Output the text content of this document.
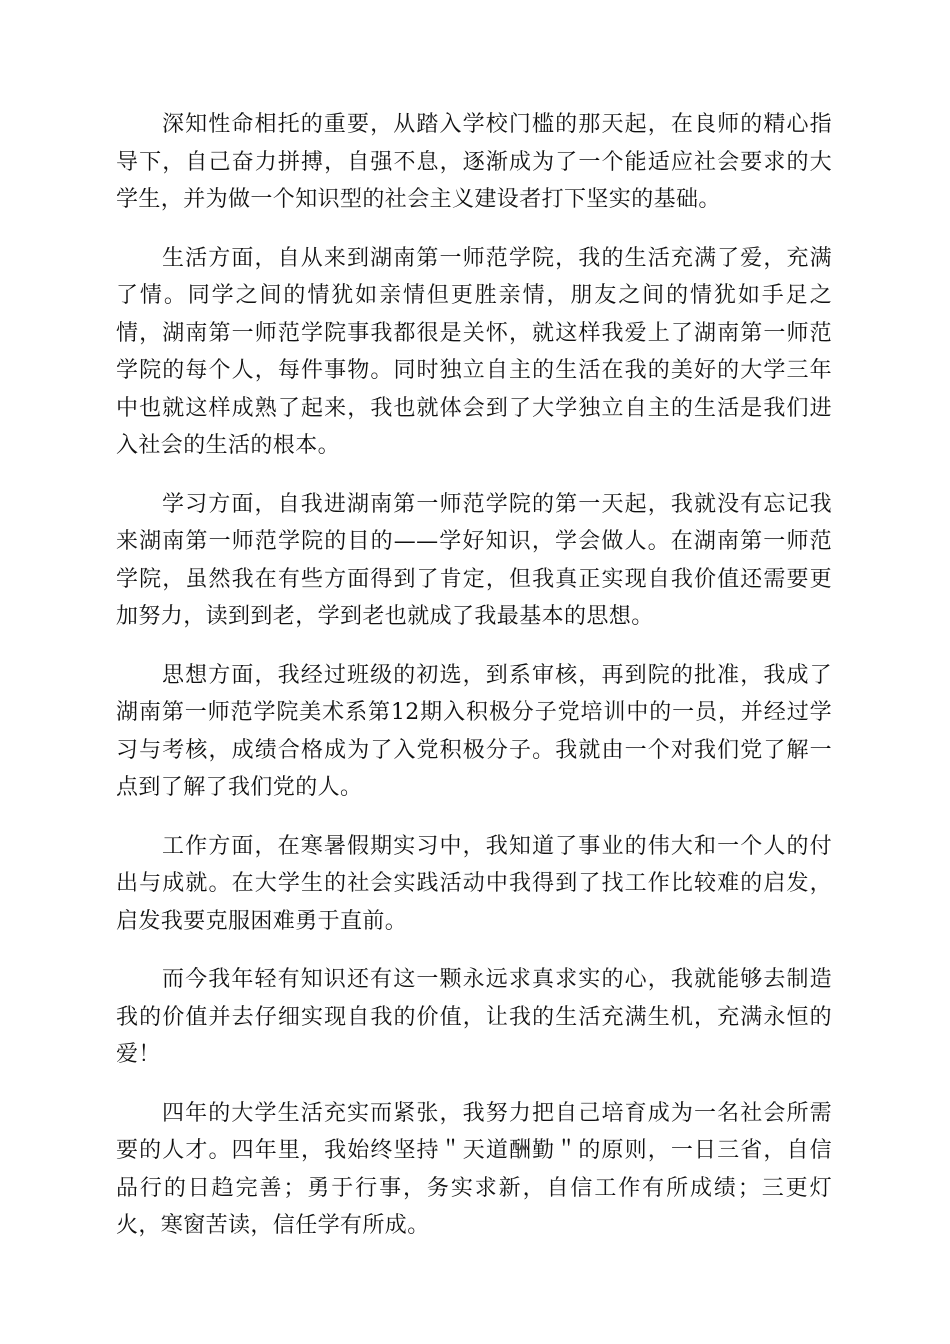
深知性命相托的重要，从踏入学校门槛的那天起，在良师的精心指导下，自己奋力拼搏，自强不息，逐渐成为了一个能适应社会要求的大学生，并为做一个知识型的社会主义建设者打下坚实的基础。

生活方面，自从来到湖南第一师范学院，我的生活充满了爱，充满了情。同学之间的情犹如亲情但更胜亲情，朋友之间的情犹如手足之情，湖南第一师范学院事我都很是关怀，就这样我爱上了湖南第一师范学院的每个人，每件事物。同时独立自主的生活在我的美好的大学三年中也就这样成熟了起来，我也就体会到了大学独立自主的生活是我们进入社会的生活的根本。

学习方面，自我进湖南第一师范学院的第一天起，我就没有忘记我来湖南第一师范学院的目的——学好知识，学会做人。在湖南第一师范学院，虽然我在有些方面得到了肯定，但我真正实现自我价值还需要更加努力，读到到老，学到老也就成了我最基本的思想。

思想方面，我经过班级的初选，到系审核，再到院的批准，我成了湖南第一师范学院美术系第12期入积极分子党培训中的一员，并经过学习与考核，成绩合格成为了入党积极分子。我就由一个对我们党了解一点到了解了我们党的人。

工作方面，在寒暑假期实习中，我知道了事业的伟大和一个人的付出与成就。在大学生的社会实践活动中我得到了找工作比较难的启发，启发我要克服困难勇于直前。

而今我年轻有知识还有这一颗永远求真求实的心，我就能够去制造我的价值并去仔细实现自我的价值，让我的生活充满生机，充满永恒的爱！

四年的大学生活充实而紧张，我努力把自己培育成为一名社会所需要的人才。四年里，我始终坚持＂天道酬勤＂的原则，一日三省，自信品行的日趋完善；勇于行事，务实求新，自信工作有所成绩；三更灯火，寒窗苦读，信任学有所成。
